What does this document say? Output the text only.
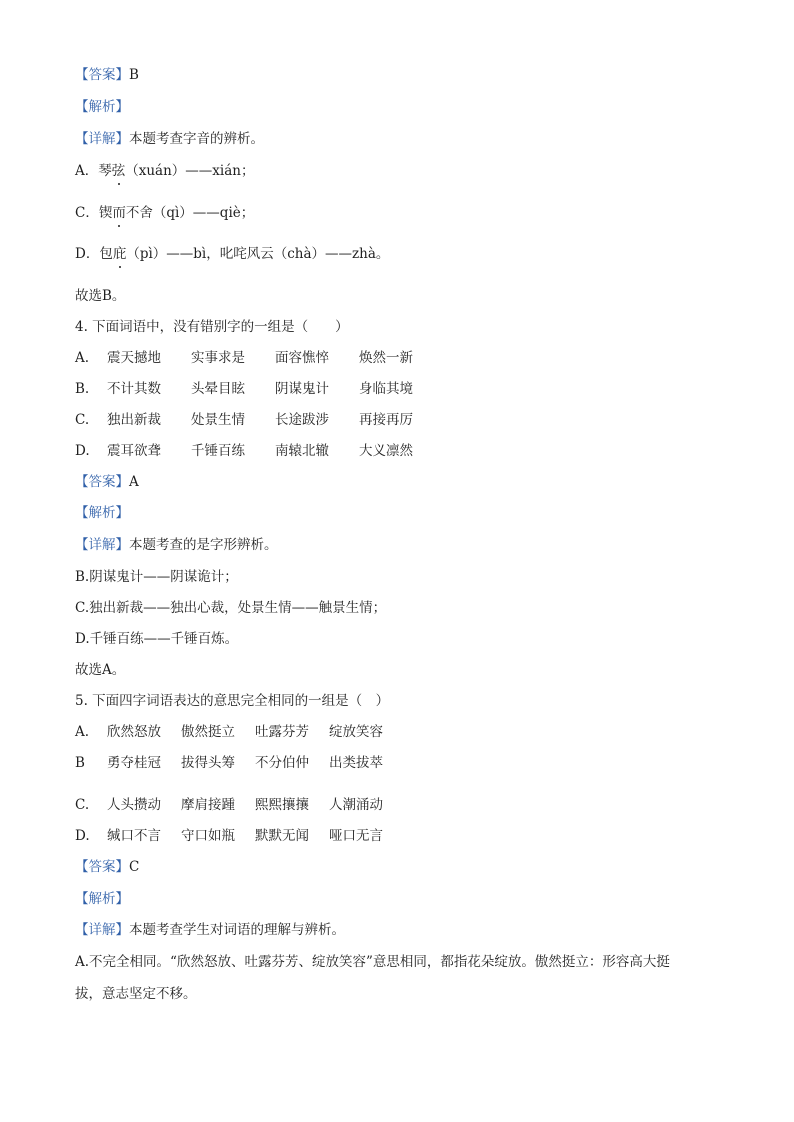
【答案】B
【解析】
【详解】本题考查字音的辨析。
A．琴弦（xuán）——xián；
C．锲而不舍（qì）——qiè；
D．包庇（pì）——bì，叱咤风云（chà）——zhà。
故选B。
4. 下面词语中，没有错别字的一组是（　　）
A. 震天撼地 实事求是 面容憔悴 焕然一新
B. 不计其数 头晕目眩 阴谋鬼计 身临其境
C. 独出新裁 处景生情 长途跋涉 再接再厉
D. 震耳欲聋 千锤百练 南辕北辙 大义凛然
【答案】A
【解析】
【详解】本题考查的是字形辨析。
B.阴谋鬼计——阴谋诡计；
C.独出新裁——独出心裁，处景生情——触景生情；
D.千锤百练——千锤百炼。
故选A。
5. 下面四字词语表达的意思完全相同的一组是（　）
A. 欣然怒放 傲然挺立 吐露芬芳 绽放笑容
B 勇夺桂冠 拔得头筹 不分伯仲 出类拔萃
C. 人头攒动 摩肩接踵 熙熙攘攘 人潮涌动
D. 缄口不言 守口如瓶 默默无闻 哑口无言
【答案】C
【解析】
【详解】本题考查学生对词语的理解与辨析。
A.不完全相同。“欣然怒放、吐露芬芳、绽放笑容”意思相同，都指花朵绽放。傲然挺立：形容高大挺
拔，意志坚定不移。
